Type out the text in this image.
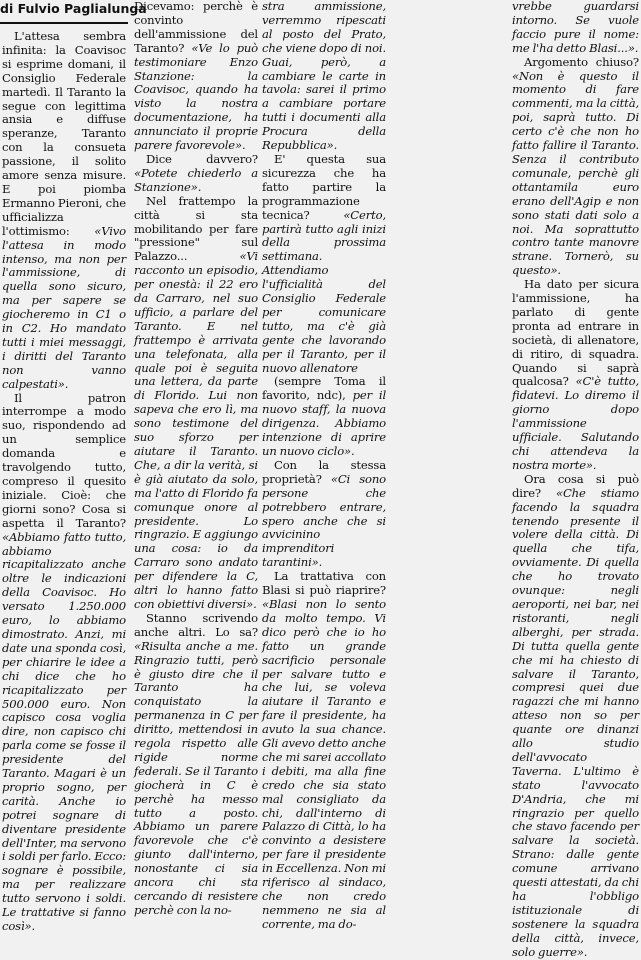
di Fulvio Paglialunga

L'attesa sembra infinita: la Coavisoc si esprime domani, il Consiglio Federale martedì. Il Taranto la segue con legittima ansia e diffuse speranze, Taranto con la consueta passione, il solito amore senza misure. E poi piomba Ermanno Pieroni, che ufficializza l'ottimismo: «Vivo l'attesa in modo intenso, ma non per l'ammissione, di quella sono sicuro, ma per sapere se giocheremo in C1 o in C2. Ho mandato tutti i miei messaggi, i diritti del Taranto non vanno calpestati».

Il patron interrompe a modo suo, rispondendo ad un semplice domanda e travolgendo tutto, compreso il quesito iniziale. Cioè: che giorni sono? Cosa si aspetta il Taranto? «Abbiamo fatto tutto, abbiamo ricapitalizzato anche oltre le indicazioni della Coavisoc. Ho versato 1.250.000 euro, lo abbiamo dimostrato. Anzi, mi date una sponda così, per chiarire le idee a chi dice che ho ricapitalizzato per 500.000 euro. Non capisco cosa voglia dire, non capisco chi parla come se fosse il presidente del Taranto. Magari è un proprio sogno, per carità. Anche io potrei sognare di diventare presidente dell'Inter, ma servono i soldi per farlo. Ecco: sognare è possibile, ma per realizzare tutto servono i soldi. Le trattative si fanno così».

Dicevamo: perchè è convinto dell'ammissione del Taranto? «Ve lo può testimoniare Enzo Stanzione: la Coavisoc, quando ha visto la nostra documentazione, ha annunciato il proprie parere favorevole».

Dice davvero? «Potete chiederlo a Stanzione».

Nel frattempo la città si sta mobilitando per fare "pressione" sul Palazzo... «Vi racconto un episodio, per onestà: il 22 ero da Carraro, nel suo ufficio, a parlare del Taranto. E nel frattempo è arrivata una telefonata, alla quale poi è seguita una lettera, da parte di Florido. Lui non sapeva che ero lì, ma sono testimone del suo sforzo per aiutare il Taranto. Che, a dir la verità, si è già aiutato da solo, ma l'atto di Florido fa comunque onore al presidente. Lo ringrazio. E aggiungo una cosa: io da Carraro sono andato per difendere la C, altri lo hanno fatto con obiettivi diversi».

Stanno scrivendo anche altri. Lo sa? «Risulta anche a me. Ringrazio tutti, però è giusto dire che il Taranto ha conquistato la permanenza in C per diritto, mettendosi in regola rispetto alle rigide norme federali. Se il Taranto giocherà in C è perchè ha messo tutto a posto. Abbiamo un parere favorevole che c'è giunto dall'interno, nonostante ci sia ancora chi sta cercando di resistere perchè con la no-

stra ammissione, verremmo ripescati al posto del Prato, che viene dopo di noi. Guai, però, a cambiare le carte in tavola: sarei il primo a cambiare portare tutti i documenti alla Procura della Repubblica».

E' questa sua sicurezza che ha fatto partire la programmazione tecnica? «Certo, partirà tutto agli inizi della prossima settimana. Attendiamo l'ufficialità del Consiglio Federale per comunicare tutto, ma c'è già gente che lavorando per il Taranto, per il nuovo allenatore

(sempre Toma il favorito, ndc), per il nuovo staff, la nuova dirigenza. Abbiamo intenzione di aprire un nuovo ciclo».

Con la stessa proprietà? «Ci sono persone che potrebbero entrare, spero anche che si avvicinino imprenditori tarantini».

La trattativa con Blasi si può riaprire? «Blasi non lo sento da molto tempo. Vi dico però che io ho fatto un grande sacrificio personale per salvare tutto e che lui, se voleva aiutare il Taranto e fare il presidente, ha avuto la sua chance. Gli avevo detto anche che mi sarei accollato i debiti, ma alla fine credo che sia stato mal consigliato da chi, dall'interno di Palazzo di Città, lo ha convinto a desistere per fare il presidente in Eccellenza. Non mi riferisco al sindaco, che non credo nemmeno ne sia al corrente, ma do-

vrebbe guardarsi intorno. Se vuole faccio pure il nome: me l'ha detto Blasi...».

Argomento chiuso? «Non è questo il momento di fare commenti, ma la città, poi, saprà tutto. Di certo c'è che non ho fatto fallire il Taranto. Senza il contributo comunale, perchè gli ottantamila euro erano dell'Agip e non sono stati dati solo a noi. Ma soprattutto contro tante manovre strane. Tornerò, su questo».

Ha dato per sicura l'ammissione, ha parlato di gente pronta ad entrare in società, di allenatore, di ritiro, di squadra. Quando si saprà qualcosa? «C'è tutto, fidatevi. Lo diremo il giorno dopo l'ammissione ufficiale. Salutando chi attendeva la nostra morte».

Ora cosa si può dire? «Che stiamo facendo la squadra tenendo presente il volere della città. Di quella che tifa, ovviamente. Di quella che ho trovato ovunque: negli aeroporti, nei bar, nei ristoranti, negli alberghi, per strada. Di tutta quella gente che mi ha chiesto di salvare il Taranto, compresi quei due ragazzi che mi hanno atteso non so per quante ore dinanzi allo studio dell'avvocato Taverna. L'ultimo è stato l'avvocato D'Andria, che mi ringrazio per quello che stavo facendo per salvare la società. Strano: dalle gente comune arrivano questi attestati, da chi ha l'obbligo istituzionale di sostenere la squadra della città, invece, solo guerre».
